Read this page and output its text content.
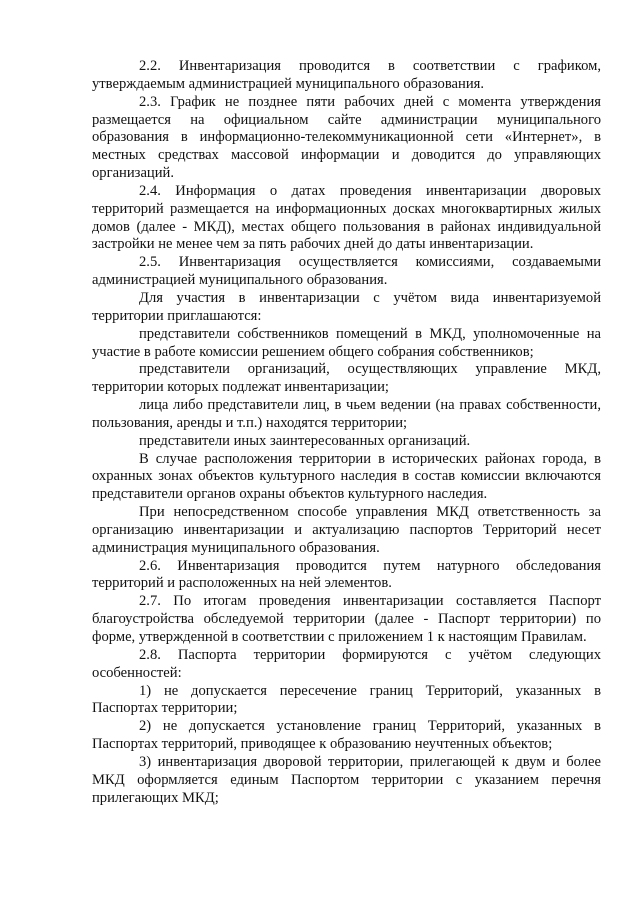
2.2. Инвентаризация проводится в соответствии с графиком, утверждаемым администрацией муниципального образования.

2.3. График не позднее пяти рабочих дней с момента утверждения размещается на официальном сайте администрации муниципального образования в информационно-телекоммуникационной сети «Интернет», в местных средствах массовой информации и доводится до управляющих организаций.

2.4. Информация о датах проведения инвентаризации дворовых территорий размещается на информационных досках многоквартирных жилых домов (далее - МКД), местах общего пользования в районах индивидуальной застройки не менее чем за пять рабочих дней до даты инвентаризации.

2.5. Инвентаризация осуществляется комиссиями, создаваемыми администрацией муниципального образования.

Для участия в инвентаризации с учётом вида инвентаризуемой территории приглашаются:

представители собственников помещений в МКД, уполномоченные на участие в работе комиссии решением общего собрания собственников;

представители организаций, осуществляющих управление МКД, территории которых подлежат инвентаризации;

лица либо представители лиц, в чьем ведении (на правах собственности, пользования, аренды и т.п.) находятся территории;

представители иных заинтересованных организаций.

В случае расположения территории в исторических районах города, в охранных зонах объектов культурного наследия в состав комиссии включаются представители органов охраны объектов культурного наследия.

При непосредственном способе управления МКД ответственность за организацию инвентаризации и актуализацию паспортов Территорий несет администрация муниципального образования.

2.6. Инвентаризация проводится путем натурного обследования территорий и расположенных на ней элементов.

2.7. По итогам проведения инвентаризации составляется Паспорт благоустройства обследуемой территории (далее - Паспорт территории) по форме, утвержденной в соответствии с приложением 1 к настоящим Правилам.

2.8. Паспорта территории формируются с учётом следующих особенностей:

1) не допускается пересечение границ Территорий, указанных в Паспортах территории;

2) не допускается установление границ Территорий, указанных в Паспортах территорий, приводящее к образованию неучтенных объектов;

3) инвентаризация дворовой территории, прилегающей к двум и более МКД оформляется единым Паспортом территории с указанием перечня прилегающих МКД;
